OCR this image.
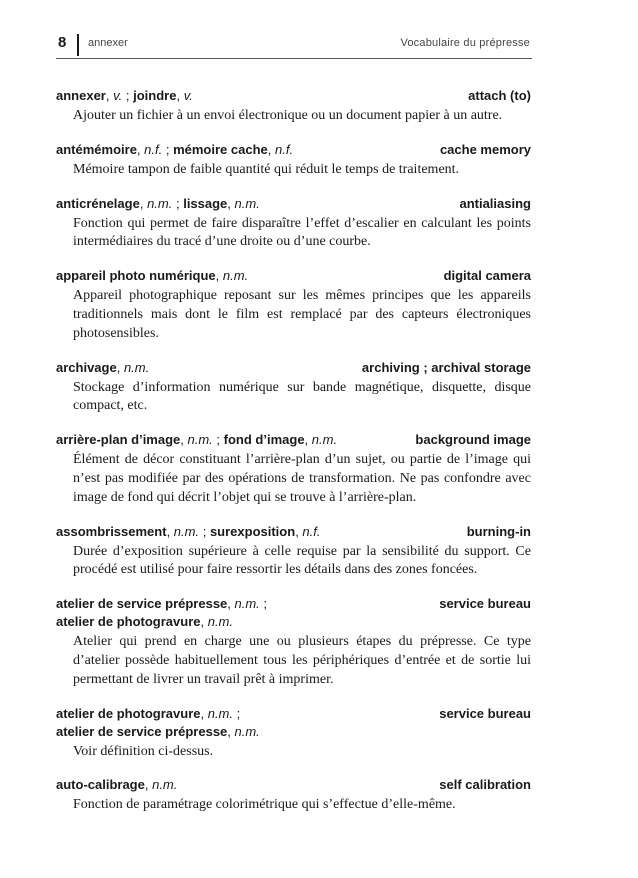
8 annexer	Vocabulaire du prépresse
annexer, v. ; joindre, v.	attach (to)
Ajouter un fichier à un envoi électronique ou un document papier à un autre.
antémémoire, n.f. ; mémoire cache, n.f.	cache memory
Mémoire tampon de faible quantité qui réduit le temps de traitement.
anticrénelage, n.m. ; lissage, n.m.	antialiasing
Fonction qui permet de faire disparaître l’effet d’escalier en calculant les points intermédiaires du tracé d’une droite ou d’une courbe.
appareil photo numérique, n.m.	digital camera
Appareil photographique reposant sur les mêmes principes que les appareils traditionnels mais dont le film est remplacé par des capteurs électroniques photosensibles.
archivage, n.m.	archiving ; archival storage
Stockage d’information numérique sur bande magnétique, disquette, disque compact, etc.
arrière-plan d’image, n.m. ; fond d’image, n.m.	background image
Élément de décor constituant l’arrière-plan d’un sujet, ou partie de l’image qui n’est pas modifiée par des opérations de transformation. Ne pas confondre avec image de fond qui décrit l’objet qui se trouve à l’arrière-plan.
assombrissement, n.m. ; surexposition, n.f.	burning-in
Durée d’exposition supérieure à celle requise par la sensibilité du support. Ce procédé est utilisé pour faire ressortir les détails dans des zones foncées.
atelier de service prépresse, n.m. ;	service bureau
atelier de photogravure, n.m.
Atelier qui prend en charge une ou plusieurs étapes du prépresse. Ce type d’atelier possède habituellement tous les périphériques d’entrée et de sortie lui permettant de livrer un travail prêt à imprimer.
atelier de photogravure, n.m. ;	service bureau
atelier de service prépresse, n.m.
Voir définition ci-dessus.
auto-calibrage, n.m.	self calibration
Fonction de paramétrage colorimétrique qui s’effectue d’elle-même.
